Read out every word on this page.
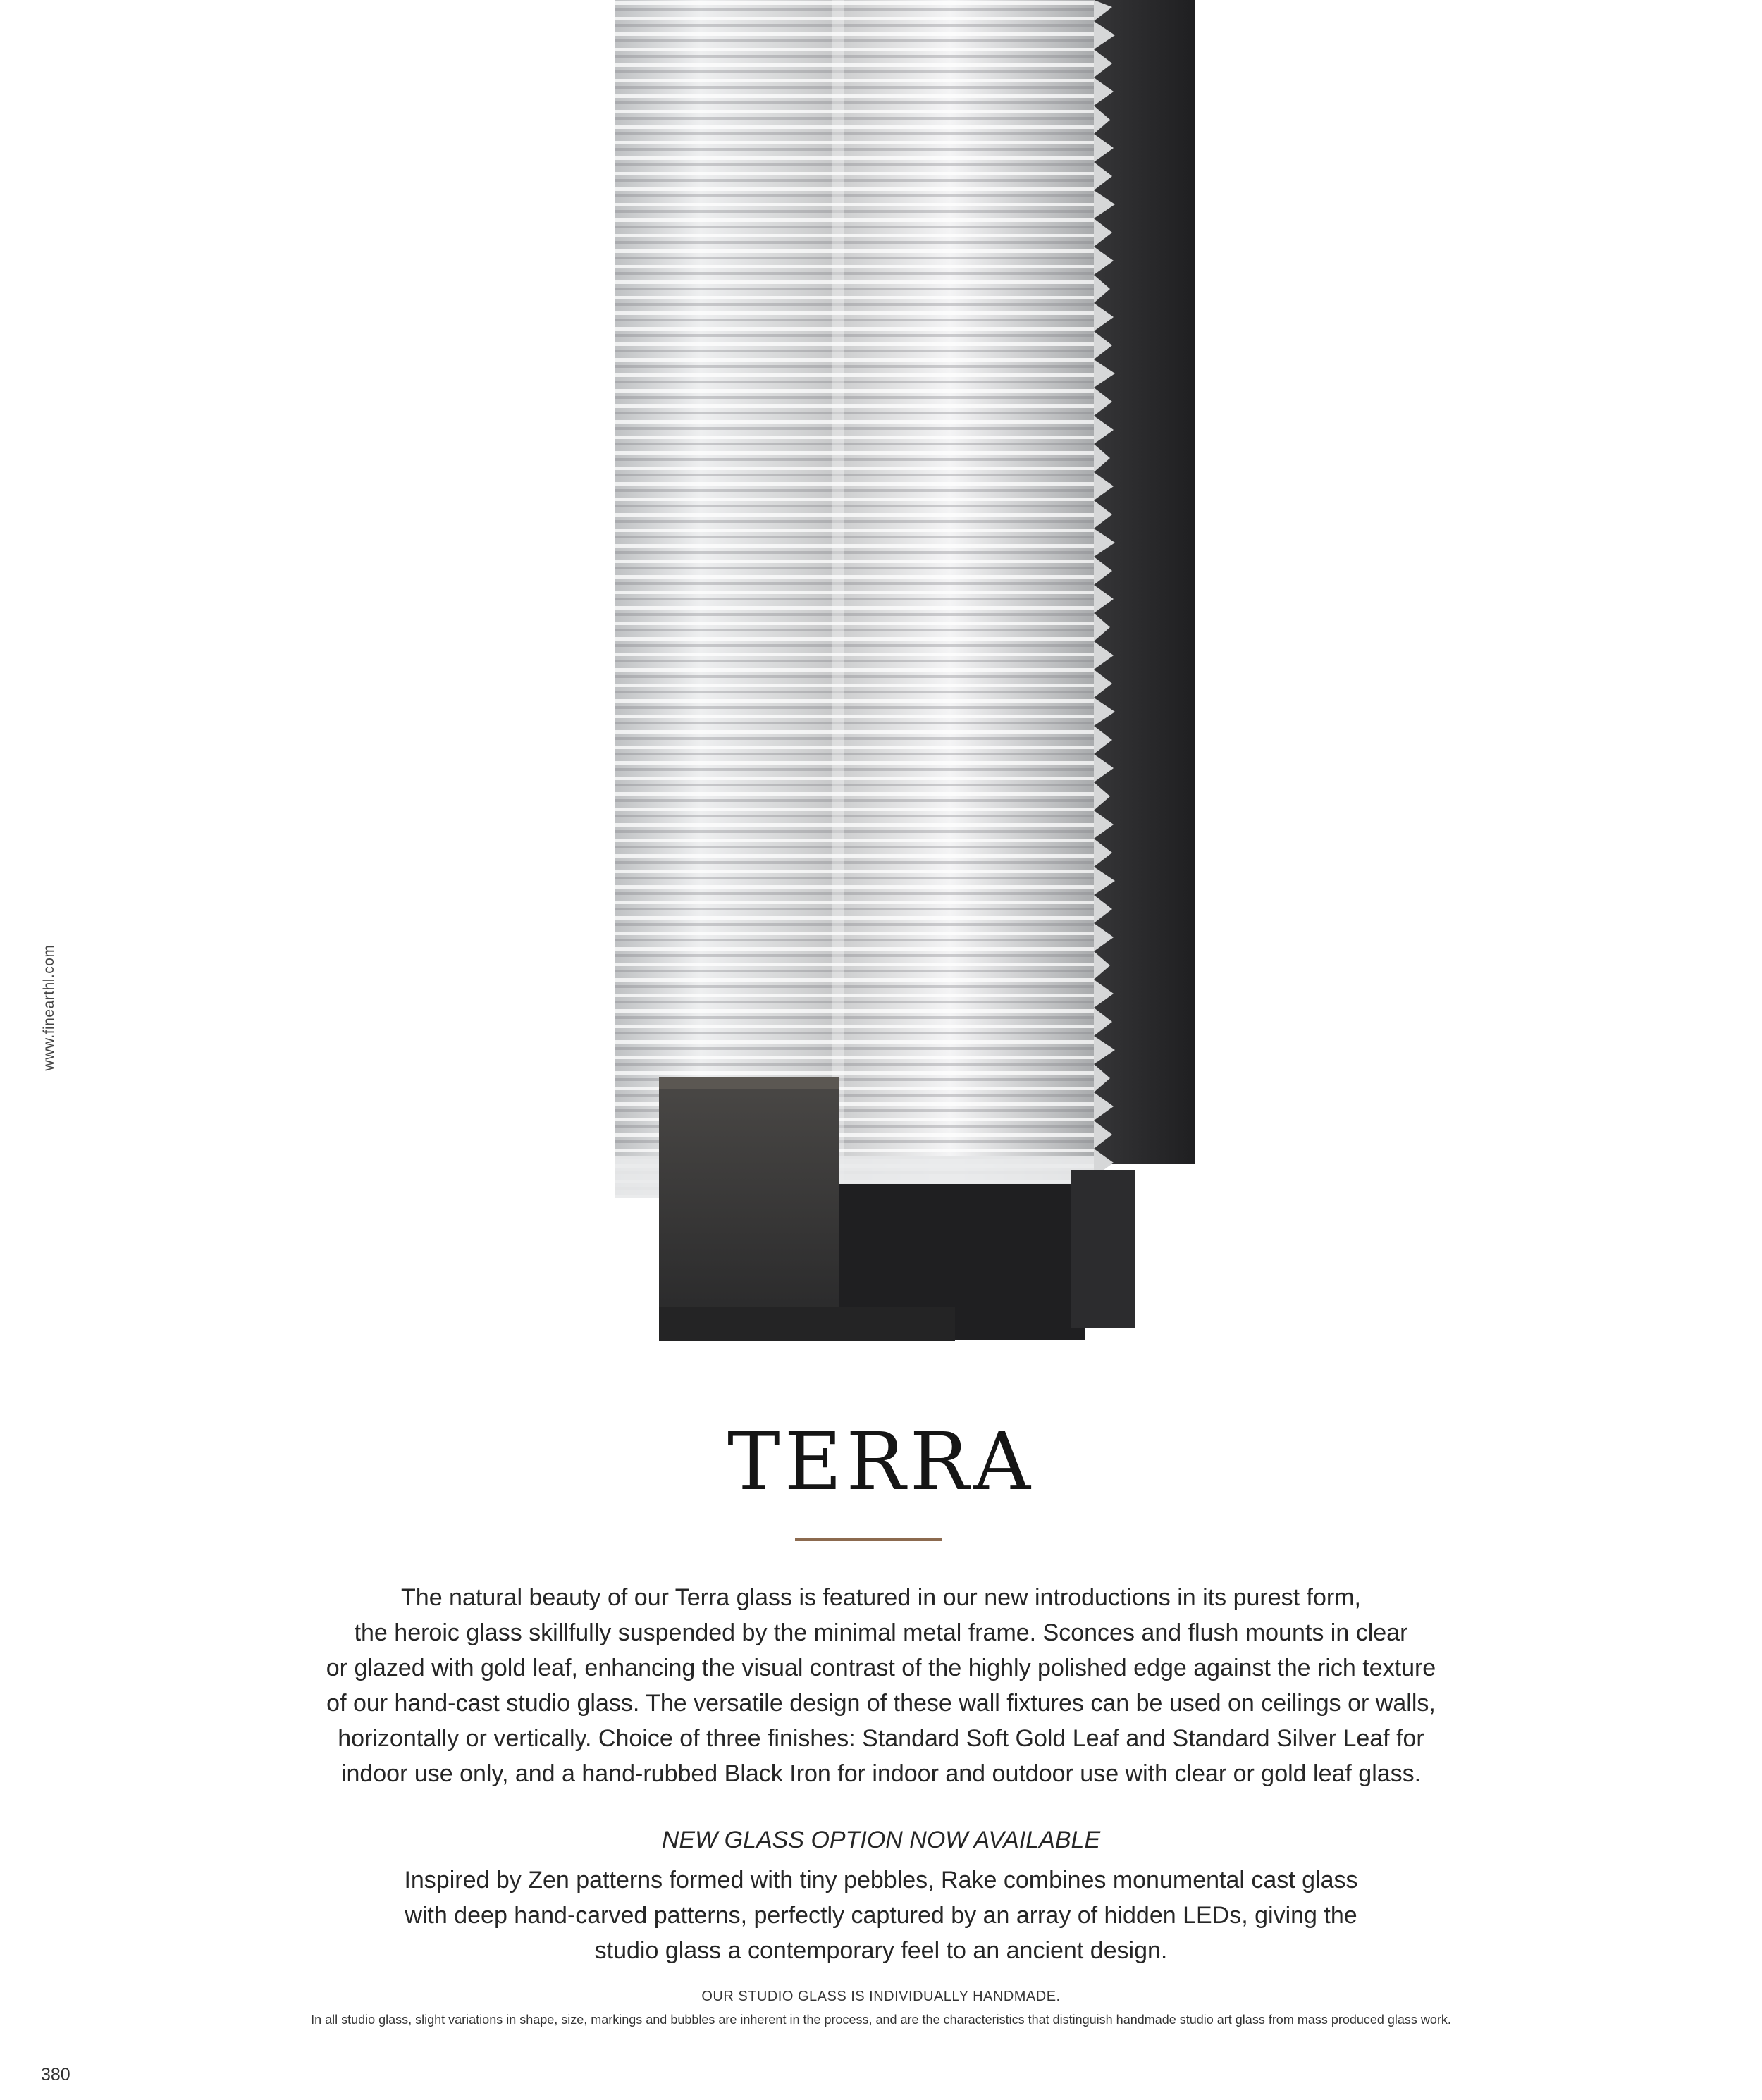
www.finearthl.com
TERRA
The natural beauty of our Terra glass is featured in our new introductions in its purest form,
the heroic glass skillfully suspended by the minimal metal frame. Sconces and flush mounts in clear
or glazed with gold leaf, enhancing the visual contrast of the highly polished edge against the rich texture
of our hand-cast studio glass. The versatile design of these wall fixtures can be used on ceilings or walls,
horizontally or vertically. Choice of three finishes: Standard Soft Gold Leaf and Standard Silver Leaf for
indoor use only, and a hand-rubbed Black Iron for indoor and outdoor use with clear or gold leaf glass.
NEW GLASS OPTION NOW AVAILABLE
Inspired by Zen patterns formed with tiny pebbles, Rake combines monumental cast glass
with deep hand-carved patterns, perfectly captured by an array of hidden LEDs, giving the
studio glass a contemporary feel to an ancient design.
OUR STUDIO GLASS IS INDIVIDUALLY HANDMADE.
In all studio glass, slight variations in shape, size, markings and bubbles are inherent in the process, and are the characteristics that distinguish handmade studio art glass from mass produced glass work.
380
